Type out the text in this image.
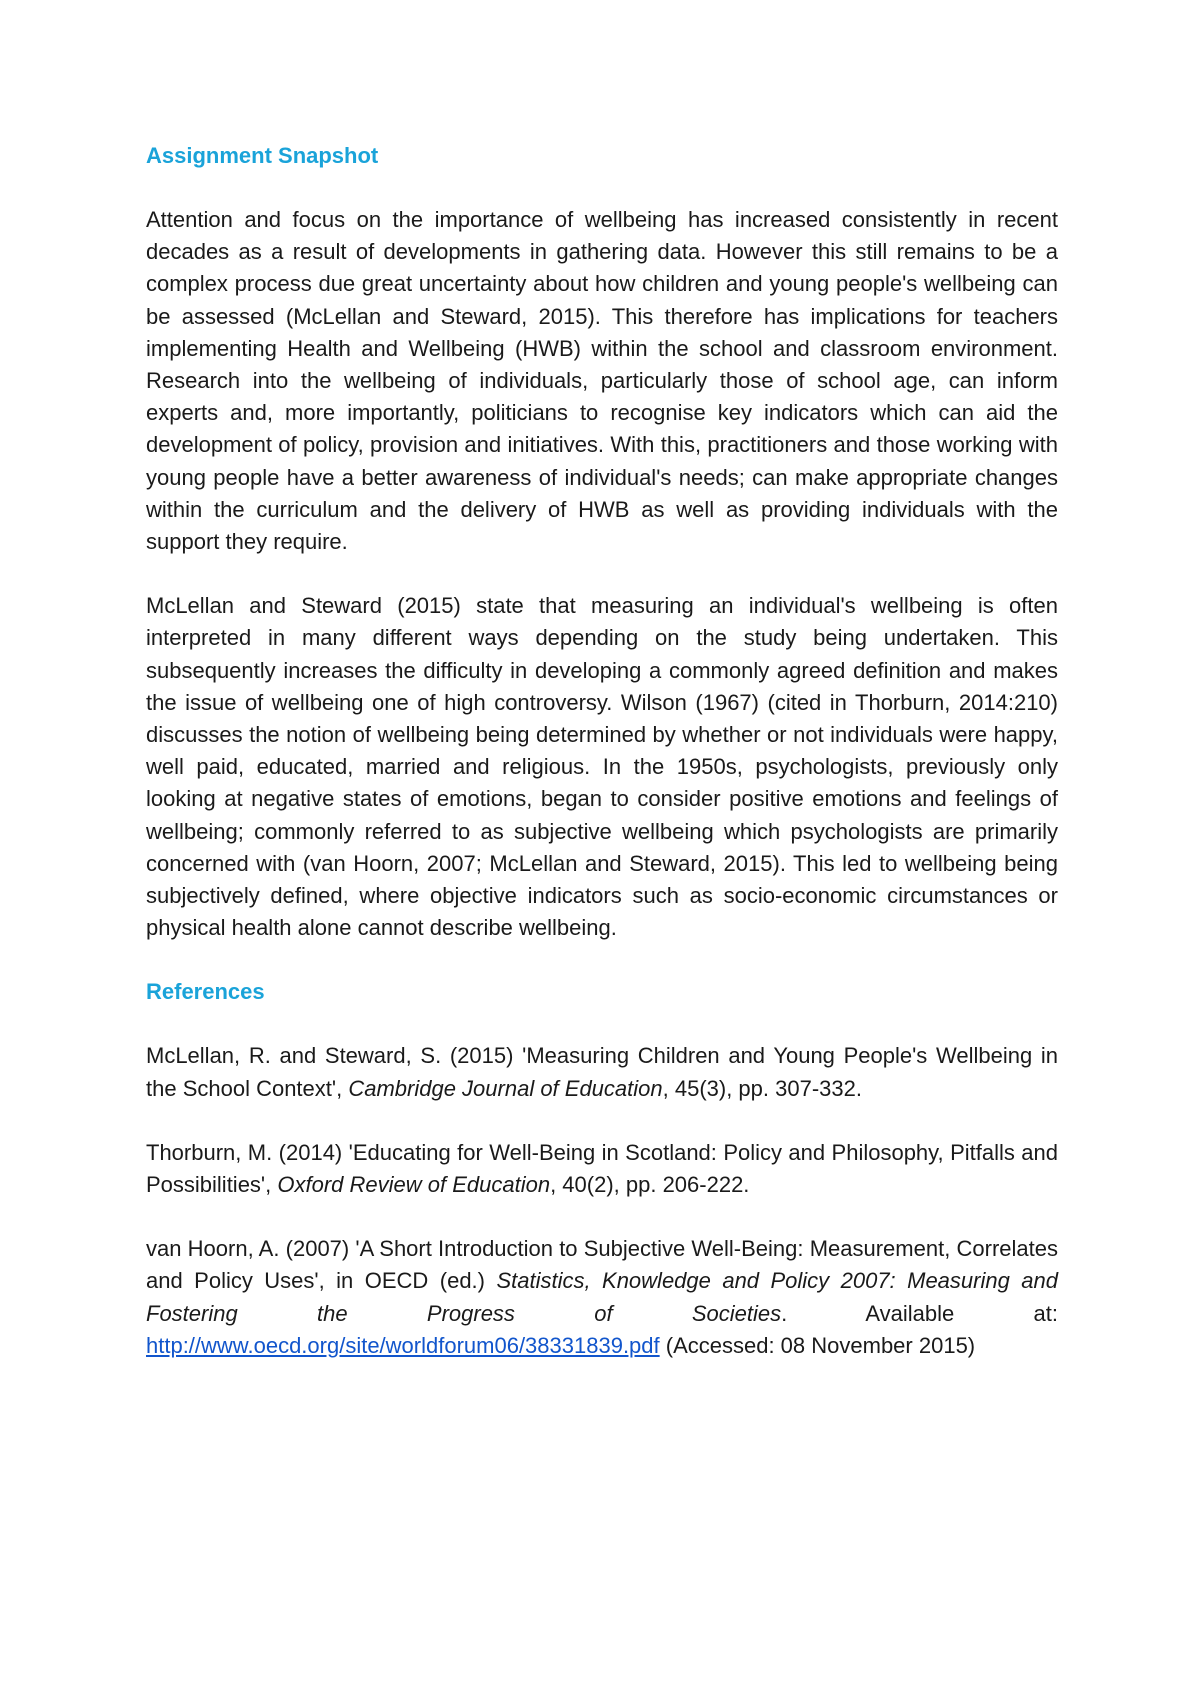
Assignment Snapshot

Attention and focus on the importance of wellbeing has increased consistently in recent decades as a result of developments in gathering data. However this still remains to be a complex process due great uncertainty about how children and young people's wellbeing can be assessed (McLellan and Steward, 2015). This therefore has implications for teachers implementing Health and Wellbeing (HWB) within the school and classroom environment. Research into the wellbeing of individuals, particularly those of school age, can inform experts and, more importantly, politicians to recognise key indicators which can aid the development of policy, provision and initiatives. With this, practitioners and those working with young people have a better awareness of individual's needs; can make appropriate changes within the curriculum and the delivery of HWB as well as providing individuals with the support they require.

McLellan and Steward (2015) state that measuring an individual's wellbeing is often interpreted in many different ways depending on the study being undertaken. This subsequently increases the difficulty in developing a commonly agreed definition and makes the issue of wellbeing one of high controversy. Wilson (1967) (cited in Thorburn, 2014:210) discusses the notion of wellbeing being determined by whether or not individuals were happy, well paid, educated, married and religious. In the 1950s, psychologists, previously only looking at negative states of emotions, began to consider positive emotions and feelings of wellbeing; commonly referred to as subjective wellbeing which psychologists are primarily concerned with (van Hoorn, 2007; McLellan and Steward, 2015). This led to wellbeing being subjectively defined, where objective indicators such as socio-economic circumstances or physical health alone cannot describe wellbeing.

References

McLellan, R. and Steward, S. (2015) 'Measuring Children and Young People's Wellbeing in the School Context', Cambridge Journal of Education, 45(3), pp. 307-332.

Thorburn, M. (2014) 'Educating for Well-Being in Scotland: Policy and Philosophy, Pitfalls and Possibilities', Oxford Review of Education, 40(2), pp. 206-222.

van Hoorn, A. (2007) 'A Short Introduction to Subjective Well-Being: Measurement, Correlates and Policy Uses', in OECD (ed.) Statistics, Knowledge and Policy 2007: Measuring and Fostering the Progress of Societies. Available at: http://www.oecd.org/site/worldforum06/38331839.pdf (Accessed: 08 November 2015)
